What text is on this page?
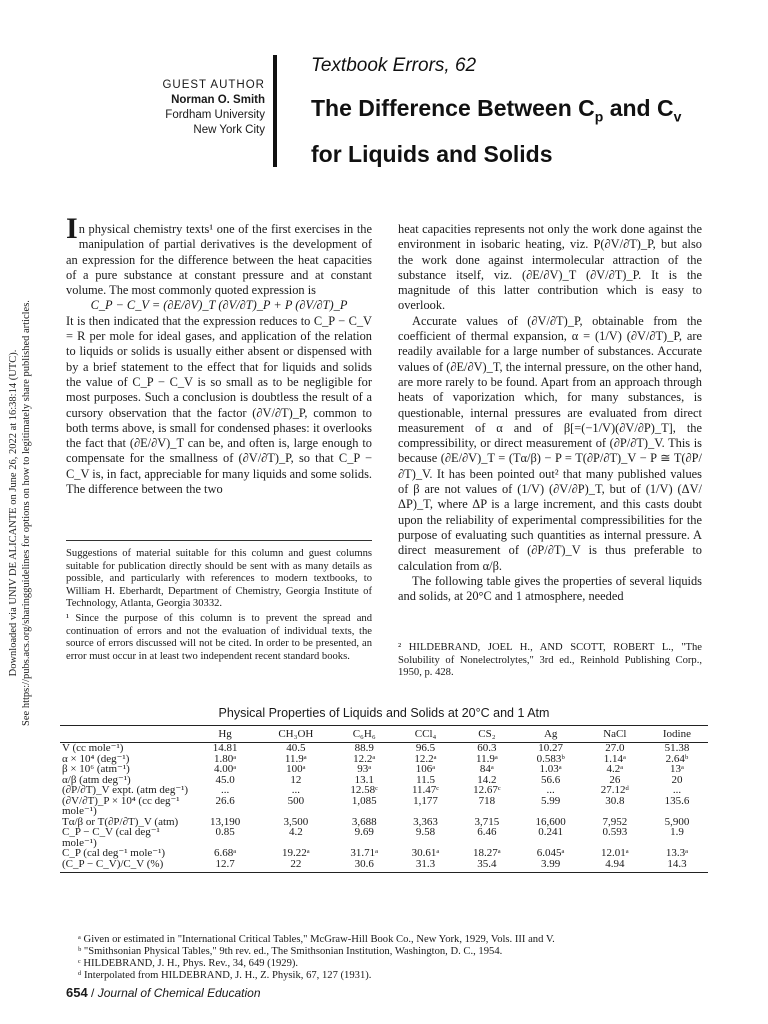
Downloaded via UNIV DE ALICANTE on June 26, 2022 at 16:38:14 (UTC). See https://pubs.acs.org/sharingguidelines for options on how to legitimately share published articles.
GUEST AUTHOR
Norman O. Smith
Fordham University
New York City
Textbook Errors, 62
The Difference Between $C_p$ and $C_v$
for Liquids and Solids

In physical chemistry texts¹ one of the first exercises in the manipulation of partial derivatives is the development of an expression for the difference between the heat capacities of a pure substance at constant pressure and at constant volume. The most commonly quoted expression is

C_P − C_V = (∂E/∂V)_T (∂V/∂T)_P + P (∂V/∂T)_P

It is then indicated that the expression reduces to C_P − C_V = R per mole for ideal gases, and application of the relation to liquids or solids is usually either absent or dispensed with by a brief statement to the effect that for liquids and solids the value of C_P − C_V is so small as to be negligible for most purposes. Such a conclusion is doubtless the result of a cursory observation that the factor (∂V/∂T)_P, common to both terms above, is small for condensed phases: it overlooks the fact that (∂E/∂V)_T can be, and often is, large enough to compensate for the smallness of (∂V/∂T)_P, so that C_P − C_V is, in fact, appreciable for many liquids and some solids. The difference between the two

heat capacities represents not only the work done against the environment in isobaric heating, viz. P(∂V/∂T)_P, but also the work done against intermolecular attraction of the substance itself, viz. (∂E/∂V)_T (∂V/∂T)_P. It is the magnitude of this latter contribution which is easy to overlook.

Accurate values of (∂V/∂T)_P, obtainable from the coefficient of thermal expansion, α = (1/V) (∂V/∂T)_P, are readily available for a large number of substances. Accurate values of (∂E/∂V)_T, the internal pressure, on the other hand, are more rarely to be found. Apart from an approach through heats of vaporization which, for many substances, is questionable, internal pressures are evaluated from direct measurement of α and of β[=(−1/V)(∂V/∂P)_T], the compressibility, or direct measurement of (∂P/∂T)_V. This is because (∂E/∂V)_T = (Tα/β) − P = T(∂P/∂T)_V − P ≅ T(∂P/∂T)_V. It has been pointed out² that many published values of β are not values of (1/V) (∂V/∂P)_T, but of (1/V) (ΔV/ΔP)_T, where ΔP is a large increment, and this casts doubt upon the reliability of experimental compressibilities for the purpose of evaluating such quantities as internal pressure. A direct measurement of (∂P/∂T)_V is thus preferable to calculation from α/β.

The following table gives the properties of several liquids and solids, at 20°C and 1 atmosphere, needed

Suggestions of material suitable for this column and guest columns suitable for publication directly should be sent with as many details as possible, and particularly with references to modern textbooks, to William H. Eberhardt, Department of Chemistry, Georgia Institute of Technology, Atlanta, Georgia 30332.

¹ Since the purpose of this column is to prevent the spread and continuation of errors and not the evaluation of individual texts, the source of errors discussed will not be cited. In order to be presented, an error must occur in at least two independent recent standard books.

² HILDEBRAND, JOEL H., AND SCOTT, ROBERT L., "The Solubility of Nonelectrolytes," 3rd ed., Reinhold Publishing Corp., 1950, p. 428.
Physical Properties of Liquids and Solids at 20°C and 1 Atm
	Hg	CH₃OH	C₆H₆	CCl₄	CS₂	Ag	NaCl	Iodine
V (cc mole⁻¹)	14.81	40.5	88.9	96.5	60.3	10.27	27.0	51.38
α × 10⁴ (deg⁻¹)	1.80ᵃ	11.9ᵃ	12.2ᵃ	12.2ᵃ	11.9ᵃ	0.583ᵇ	1.14ᵃ	2.64ᵇ
β × 10⁶ (atm⁻¹)	4.00ᵃ	100ᵃ	93ᵃ	106ᵃ	84ᵃ	1.03ᵃ	4.2ᵃ	13ᵃ
α/β (atm deg⁻¹)	45.0	12	13.1	11.5	14.2	56.6	26	20
(∂P/∂T)_V expt. (atm deg⁻¹)	...	...	12.58ᶜ	11.47ᶜ	12.67ᶜ	...	27.12ᵈ	...
(∂V/∂T)_P × 10⁴ (cc deg⁻¹ mole⁻¹)	26.6	500	1,085	1,177	718	5.99	30.8	135.6
Tα/β or T(∂P/∂T)_V (atm)	13,190	3,500	3,688	3,363	3,715	16,600	7,952	5,900
C_P − C_V (cal deg⁻¹ mole⁻¹)	0.85	4.2	9.69	9.58	6.46	0.241	0.593	1.9
C_P (cal deg⁻¹ mole⁻¹)	6.68ᵃ	19.22ᵃ	31.71ᵃ	30.61ᵃ	18.27ᵃ	6.045ᵃ	12.01ᵃ	13.3ᵃ
(C_P − C_V)/C_V (%)	12.7	22	30.6	31.3	35.4	3.99	4.94	14.3
ᵃ Given or estimated in "International Critical Tables," McGraw-Hill Book Co., New York, 1929, Vols. III and V.
ᵇ "Smithsonian Physical Tables," 9th rev. ed., The Smithsonian Institution, Washington, D. C., 1954.
ᶜ HILDEBRAND, J. H., Phys. Rev., 34, 649 (1929).
ᵈ Interpolated from HILDEBRAND, J. H., Z. Physik, 67, 127 (1931).
654 / Journal of Chemical Education
